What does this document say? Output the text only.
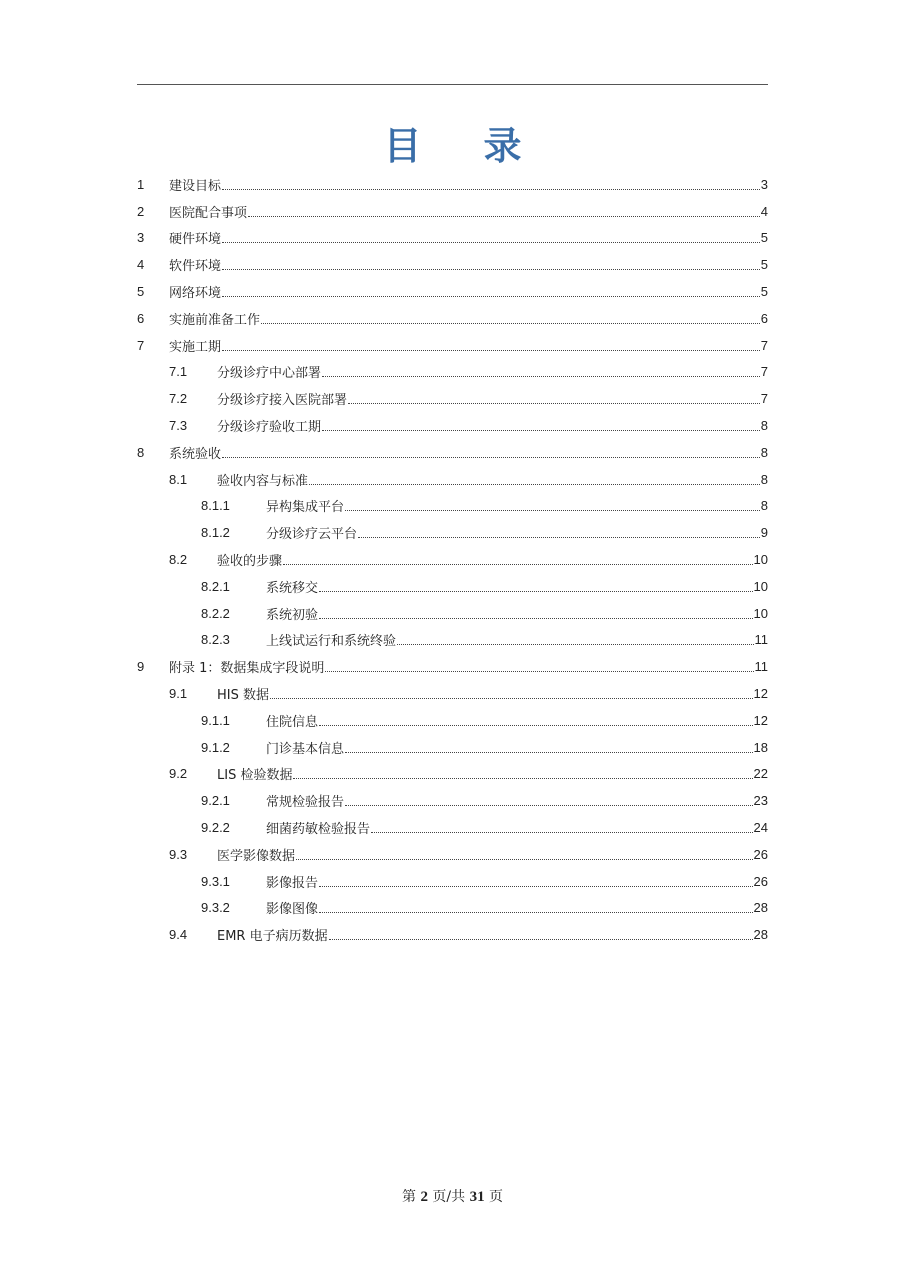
目 录
1	建设目标	3
2	医院配合事项	4
3	硬件环境	5
4	软件环境	5
5	网络环境	5
6	实施前准备工作	6
7	实施工期	7
7.1	分级诊疗中心部署	7
7.2	分级诊疗接入医院部署	7
7.3	分级诊疗验收工期	8
8	系统验收	8
8.1	验收内容与标准	8
8.1.1	异构集成平台	8
8.1.2	分级诊疗云平台	9
8.2	验收的步骤	10
8.2.1	系统移交	10
8.2.2	系统初验	10
8.2.3	上线试运行和系统终验	11
9	附录 1：数据集成字段说明	11
9.1	HIS 数据	12
9.1.1	住院信息	12
9.1.2	门诊基本信息	18
9.2	LIS 检验数据	22
9.2.1	常规检验报告	23
9.2.2	细菌药敏检验报告	24
9.3	医学影像数据	26
9.3.1	影像报告	26
9.3.2	影像图像	28
9.4	EMR 电子病历数据	28
第 2 页/共 31 页
